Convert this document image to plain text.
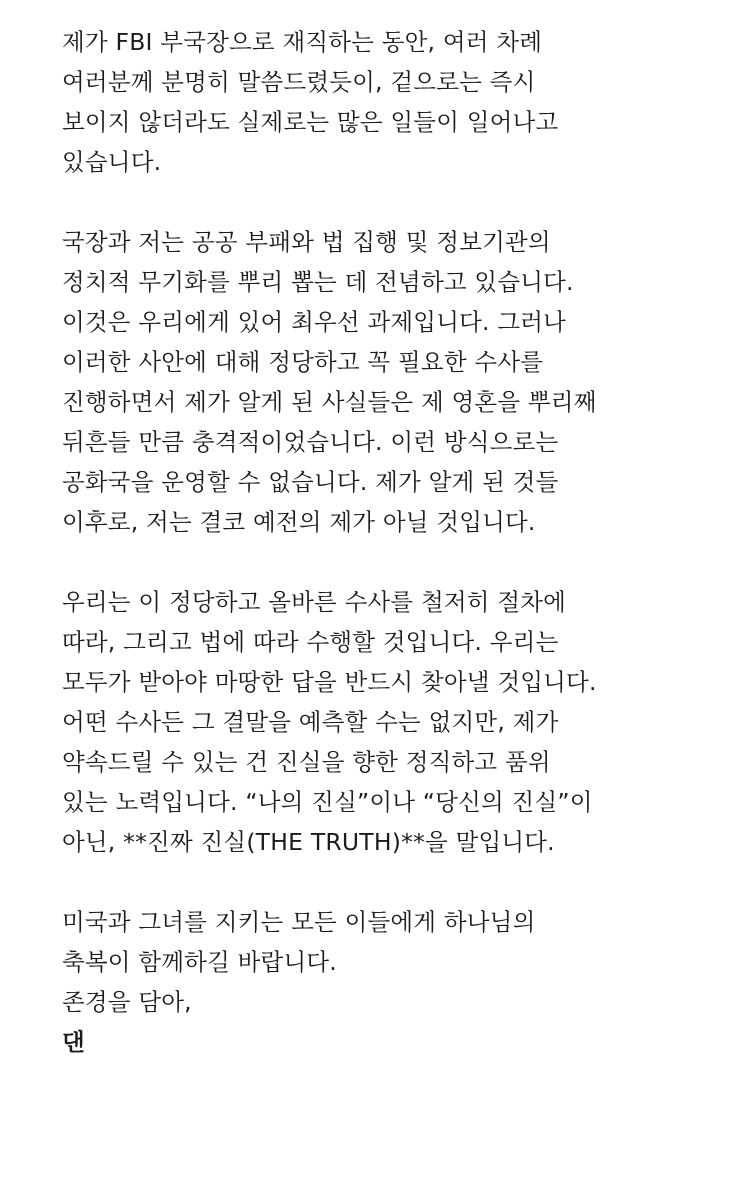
제가 FBI 부국장으로 재직하는 동안, 여러 차례
여러분께 분명히 말씀드렸듯이, 겉으로는 즉시
보이지 않더라도 실제로는 많은 일들이 일어나고
있습니다.
국장과 저는 공공 부패와 법 집행 및 정보기관의
정치적 무기화를 뿌리 뽑는 데 전념하고 있습니다.
이것은 우리에게 있어 최우선 과제입니다. 그러나
이러한 사안에 대해 정당하고 꼭 필요한 수사를
진행하면서 제가 알게 된 사실들은 제 영혼을 뿌리째
뒤흔들 만큼 충격적이었습니다. 이런 방식으로는
공화국을 운영할 수 없습니다. 제가 알게 된 것들
이후로, 저는 결코 예전의 제가 아닐 것입니다.
우리는 이 정당하고 올바른 수사를 철저히 절차에
따라, 그리고 법에 따라 수행할 것입니다. 우리는
모두가 받아야 마땅한 답을 반드시 찾아낼 것입니다.
어떤 수사든 그 결말을 예측할 수는 없지만, 제가
약속드릴 수 있는 건 진실을 향한 정직하고 품위
있는 노력입니다. “나의 진실”이나 “당신의 진실”이
아닌, **진짜 진실(THE TRUTH)**을 말입니다.
미국과 그녀를 지키는 모든 이들에게 하나님의
축복이 함께하길 바랍니다.
존경을 담아,
댄
